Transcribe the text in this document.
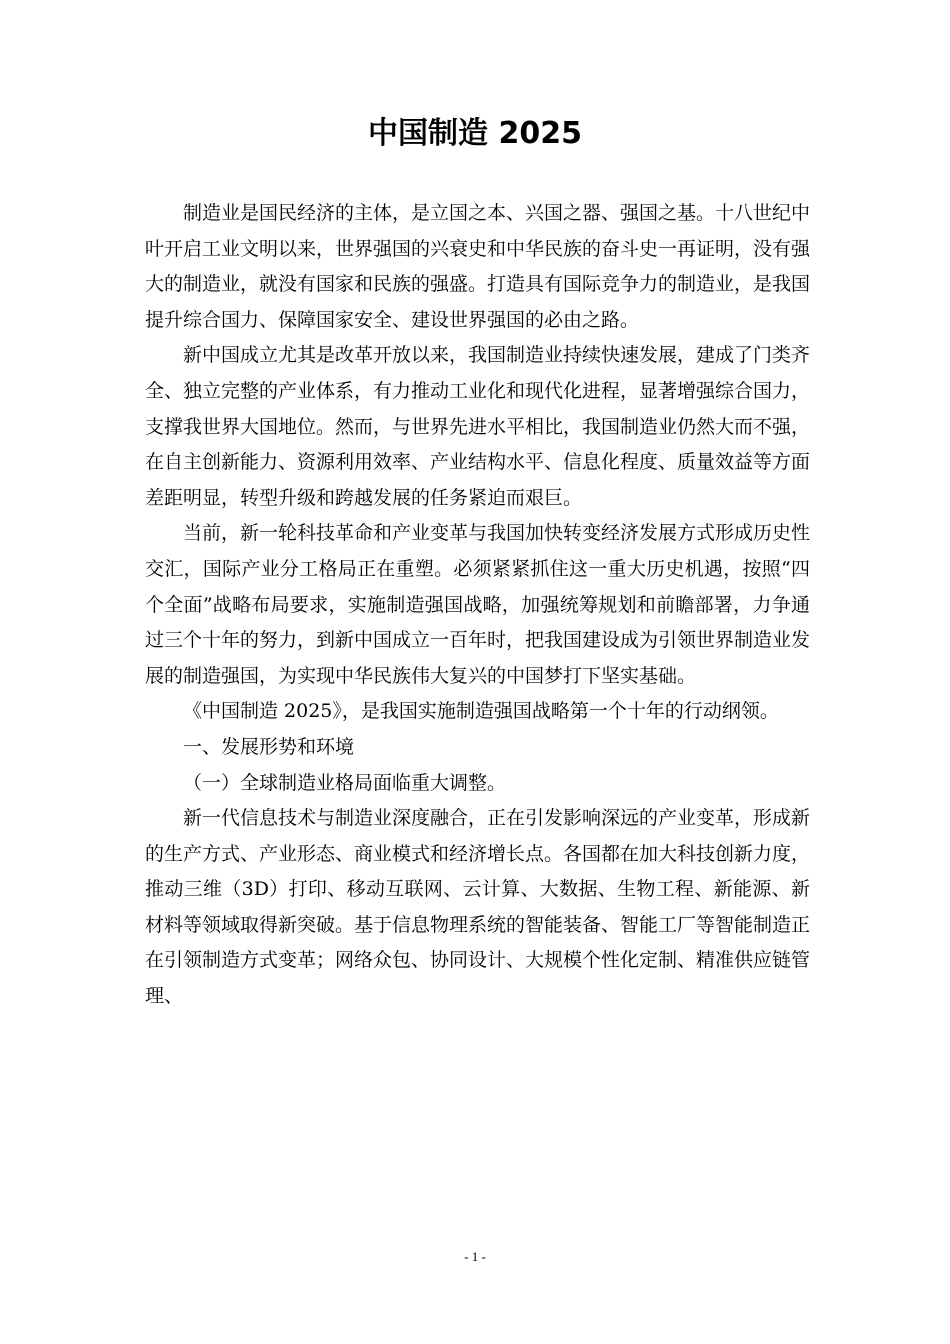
中国制造 2025

制造业是国民经济的主体，是立国之本、兴国之器、强国之基。十八世纪中叶开启工业文明以来，世界强国的兴衰史和中华民族的奋斗史一再证明，没有强大的制造业，就没有国家和民族的强盛。打造具有国际竞争力的制造业，是我国提升综合国力、保障国家安全、建设世界强国的必由之路。

新中国成立尤其是改革开放以来，我国制造业持续快速发展，建成了门类齐全、独立完整的产业体系，有力推动工业化和现代化进程，显著增强综合国力，支撑我世界大国地位。然而，与世界先进水平相比，我国制造业仍然大而不强，在自主创新能力、资源利用效率、产业结构水平、信息化程度、质量效益等方面差距明显，转型升级和跨越发展的任务紧迫而艰巨。

当前，新一轮科技革命和产业变革与我国加快转变经济发展方式形成历史性交汇，国际产业分工格局正在重塑。必须紧紧抓住这一重大历史机遇，按照“四个全面”战略布局要求，实施制造强国战略，加强统筹规划和前瞻部署，力争通过三个十年的努力，到新中国成立一百年时，把我国建设成为引领世界制造业发展的制造强国，为实现中华民族伟大复兴的中国梦打下坚实基础。

《中国制造 2025》，是我国实施制造强国战略第一个十年的行动纲领。

一、发展形势和环境

（一）全球制造业格局面临重大调整。

新一代信息技术与制造业深度融合，正在引发影响深远的产业变革，形成新的生产方式、产业形态、商业模式和经济增长点。各国都在加大科技创新力度，推动三维（3D）打印、移动互联网、云计算、大数据、生物工程、新能源、新材料等领域取得新突破。基于信息物理系统的智能装备、智能工厂等智能制造正在引领制造方式变革；网络众包、协同设计、大规模个性化定制、精准供应链管理、

- 1 -
